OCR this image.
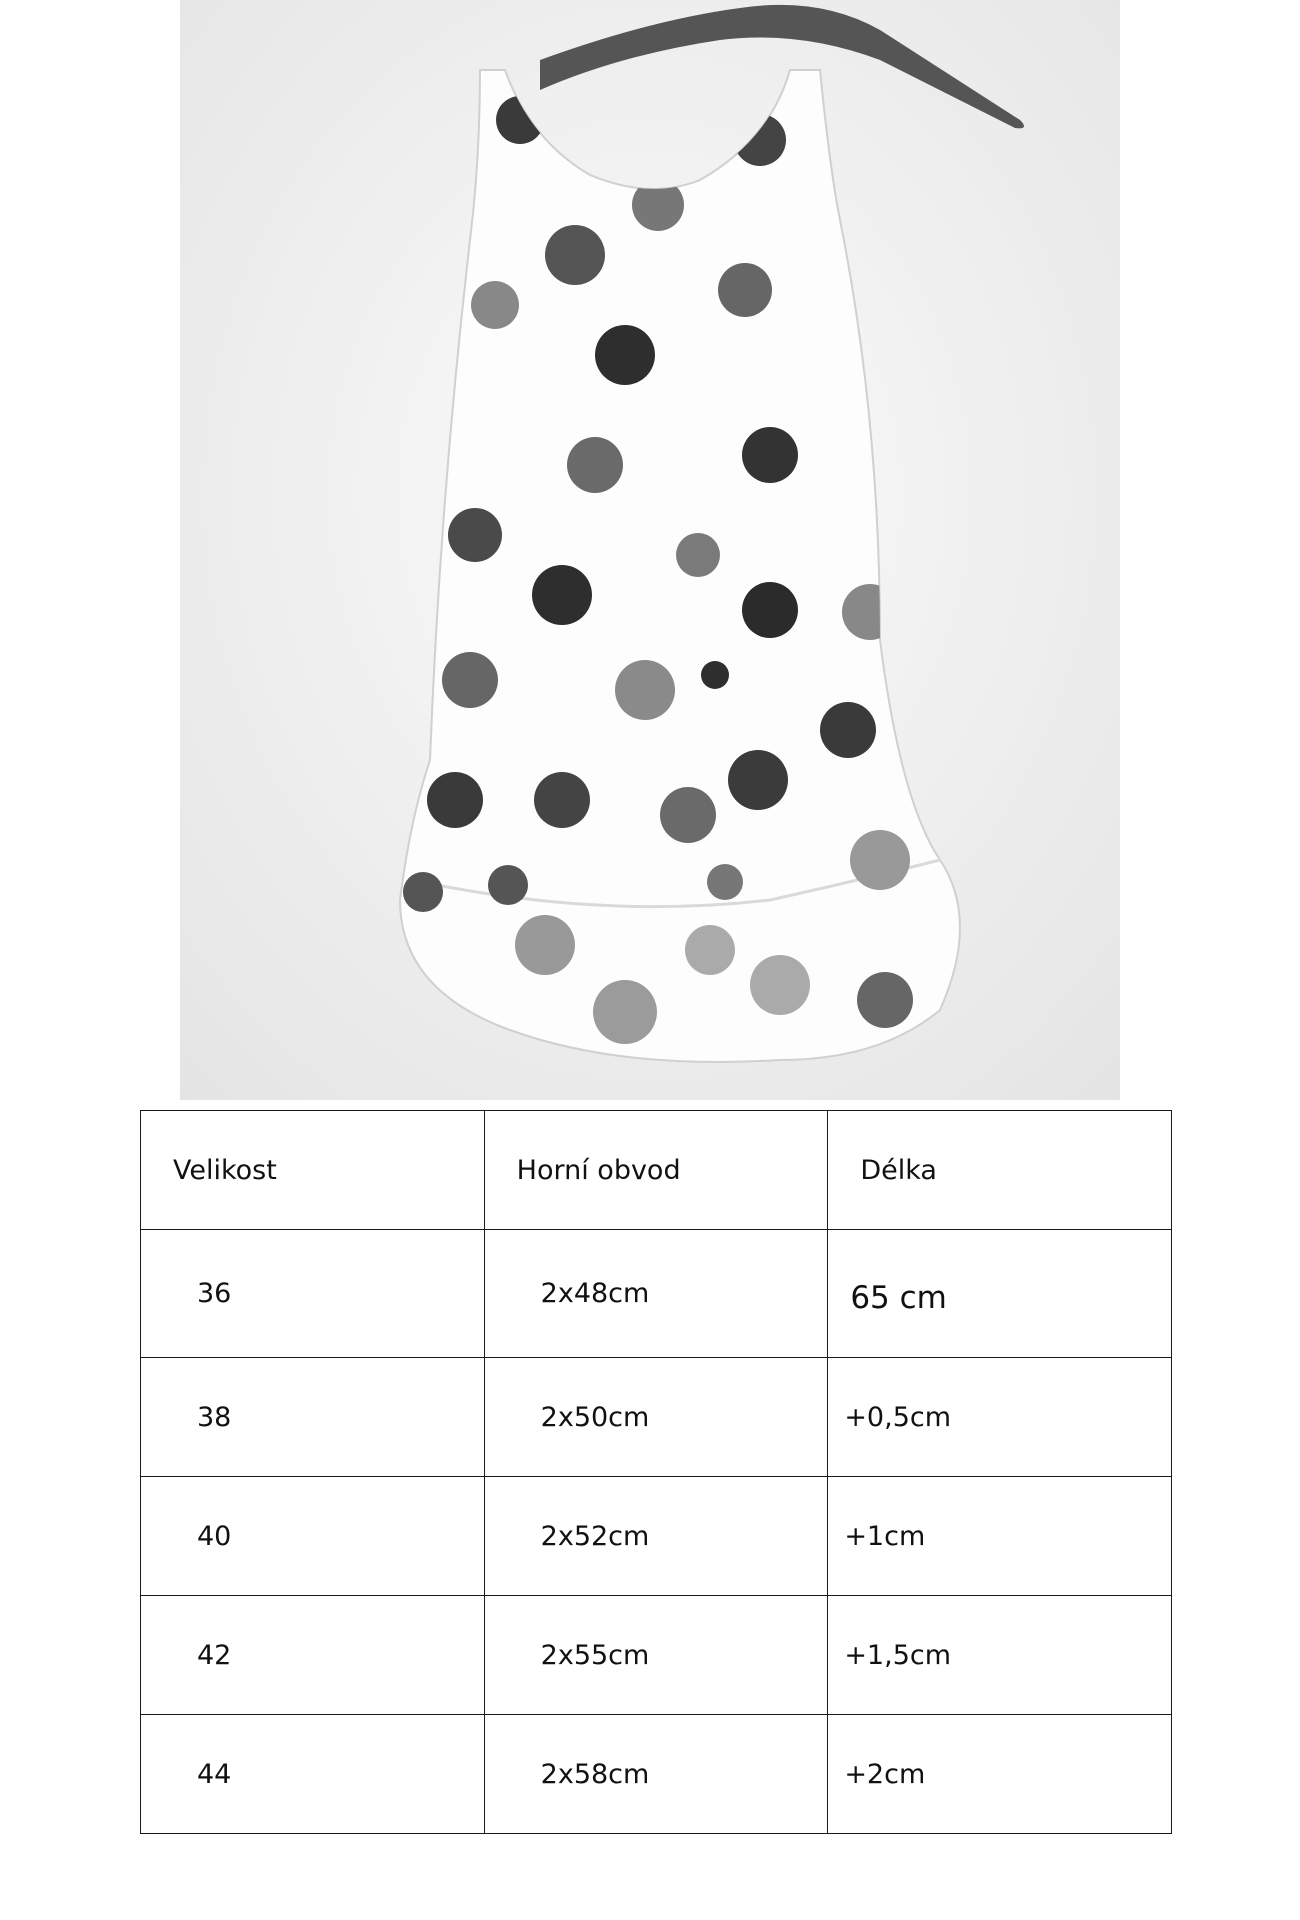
Velikost	Horní obvod	Délka
36	2x48cm	65 cm
38	2x50cm	+0,5cm
40	2x52cm	+1cm
42	2x55cm	+1,5cm
44	2x58cm	+2cm
